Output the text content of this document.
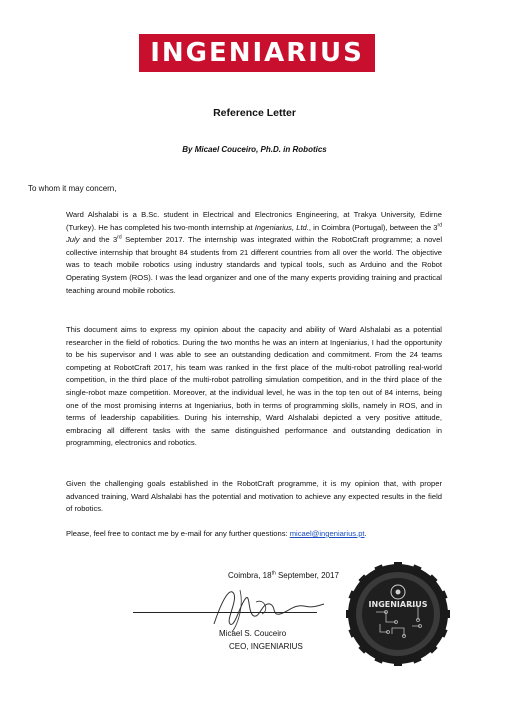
INGENIARIUS
Reference Letter
By Micael Couceiro, Ph.D. in Robotics
To whom it may concern,

Ward Alshalabi is a B.Sc. student in Electrical and Electronics Engineering, at Trakya University, Edirne (Turkey). He has completed his two-month internship at Ingeniarius, Ltd., in Coimbra (Portugal), between the 3rd July and the 3rd September 2017. The internship was integrated within the RobotCraft programme; a novel collective internship that brought 84 students from 21 different countries from all over the world. The objective was to teach mobile robotics using industry standards and typical tools, such as Arduino and the Robot Operating System (ROS). I was the lead organizer and one of the many experts providing training and practical teaching around mobile robotics.

This document aims to express my opinion about the capacity and ability of Ward Alshalabi as a potential researcher in the field of robotics. During the two months he was an intern at Ingeniarius, I had the opportunity to be his supervisor and I was able to see an outstanding dedication and commitment. From the 24 teams competing at RobotCraft 2017, his team was ranked in the first place of the multi-robot patrolling real-world competition, in the third place of the multi-robot patrolling simulation competition, and in the third place of the single-robot maze competition. Moreover, at the individual level, he was in the top ten out of 84 interns, being one of the most promising interns at Ingeniarius, both in terms of programming skills, namely in ROS, and in terms of leadership capabilities. During his internship, Ward Alshalabi depicted a very positive attitude, embracing all different tasks with the same distinguished performance and outstanding dedication in programming, electronics and robotics.

Given the challenging goals established in the RobotCraft programme, it is my opinion that, with proper advanced training, Ward Alshalabi has the potential and motivation to achieve any expected results in the field of robotics.

Please, feel free to contact me by e-mail for any further questions: micael@ingeniarius.pt.

Coimbra, 18th September, 2017
Micael S. Couceiro
CEO, INGENIARIUS
INGENIARIUS
